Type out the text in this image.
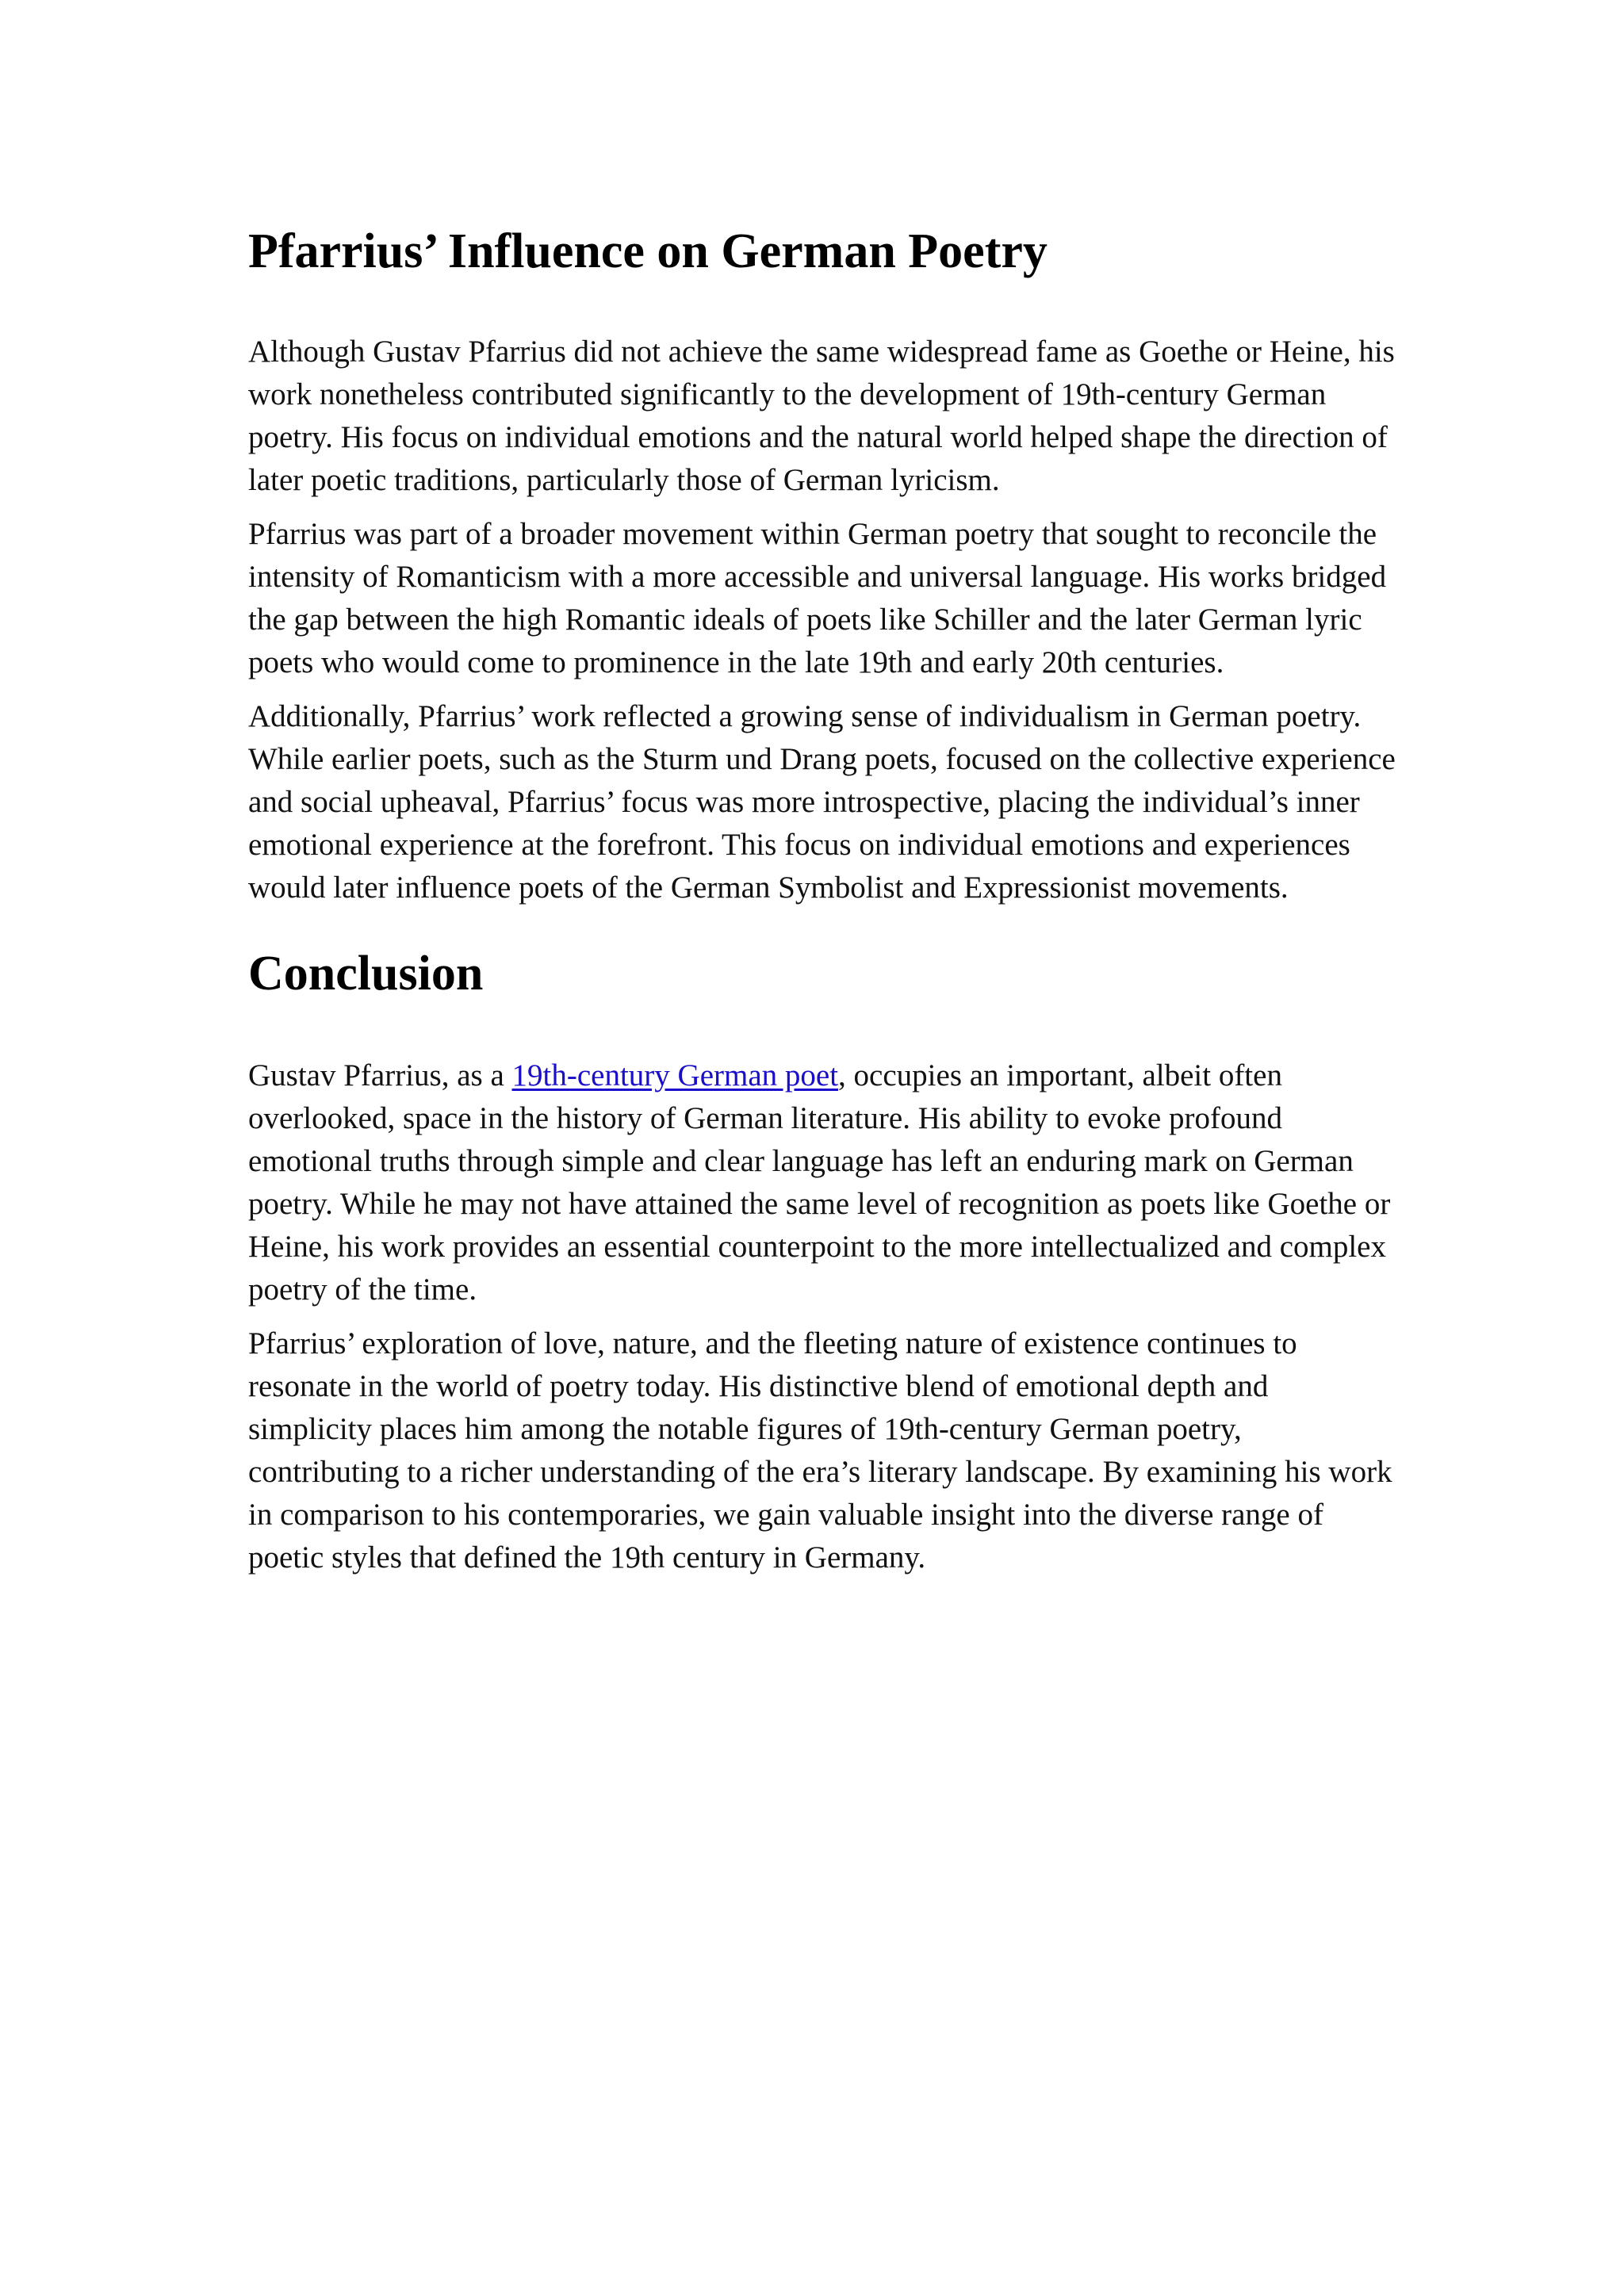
Pfarrius’ Influence on German Poetry

Although Gustav Pfarrius did not achieve the same widespread fame as Goethe or Heine, his work nonetheless contributed significantly to the development of 19th-century German poetry. His focus on individual emotions and the natural world helped shape the direction of later poetic traditions, particularly those of German lyricism.

Pfarrius was part of a broader movement within German poetry that sought to reconcile the intensity of Romanticism with a more accessible and universal language. His works bridged the gap between the high Romantic ideals of poets like Schiller and the later German lyric poets who would come to prominence in the late 19th and early 20th centuries.

Additionally, Pfarrius’ work reflected a growing sense of individualism in German poetry. While earlier poets, such as the Sturm und Drang poets, focused on the collective experience and social upheaval, Pfarrius’ focus was more introspective, placing the individual’s inner emotional experience at the forefront. This focus on individual emotions and experiences would later influence poets of the German Symbolist and Expressionist movements.

Conclusion

Gustav Pfarrius, as a 19th-century German poet, occupies an important, albeit often overlooked, space in the history of German literature. His ability to evoke profound emotional truths through simple and clear language has left an enduring mark on German poetry. While he may not have attained the same level of recognition as poets like Goethe or Heine, his work provides an essential counterpoint to the more intellectualized and complex poetry of the time.

Pfarrius’ exploration of love, nature, and the fleeting nature of existence continues to resonate in the world of poetry today. His distinctive blend of emotional depth and simplicity places him among the notable figures of 19th-century German poetry, contributing to a richer understanding of the era’s literary landscape. By examining his work in comparison to his contemporaries, we gain valuable insight into the diverse range of poetic styles that defined the 19th century in Germany.
